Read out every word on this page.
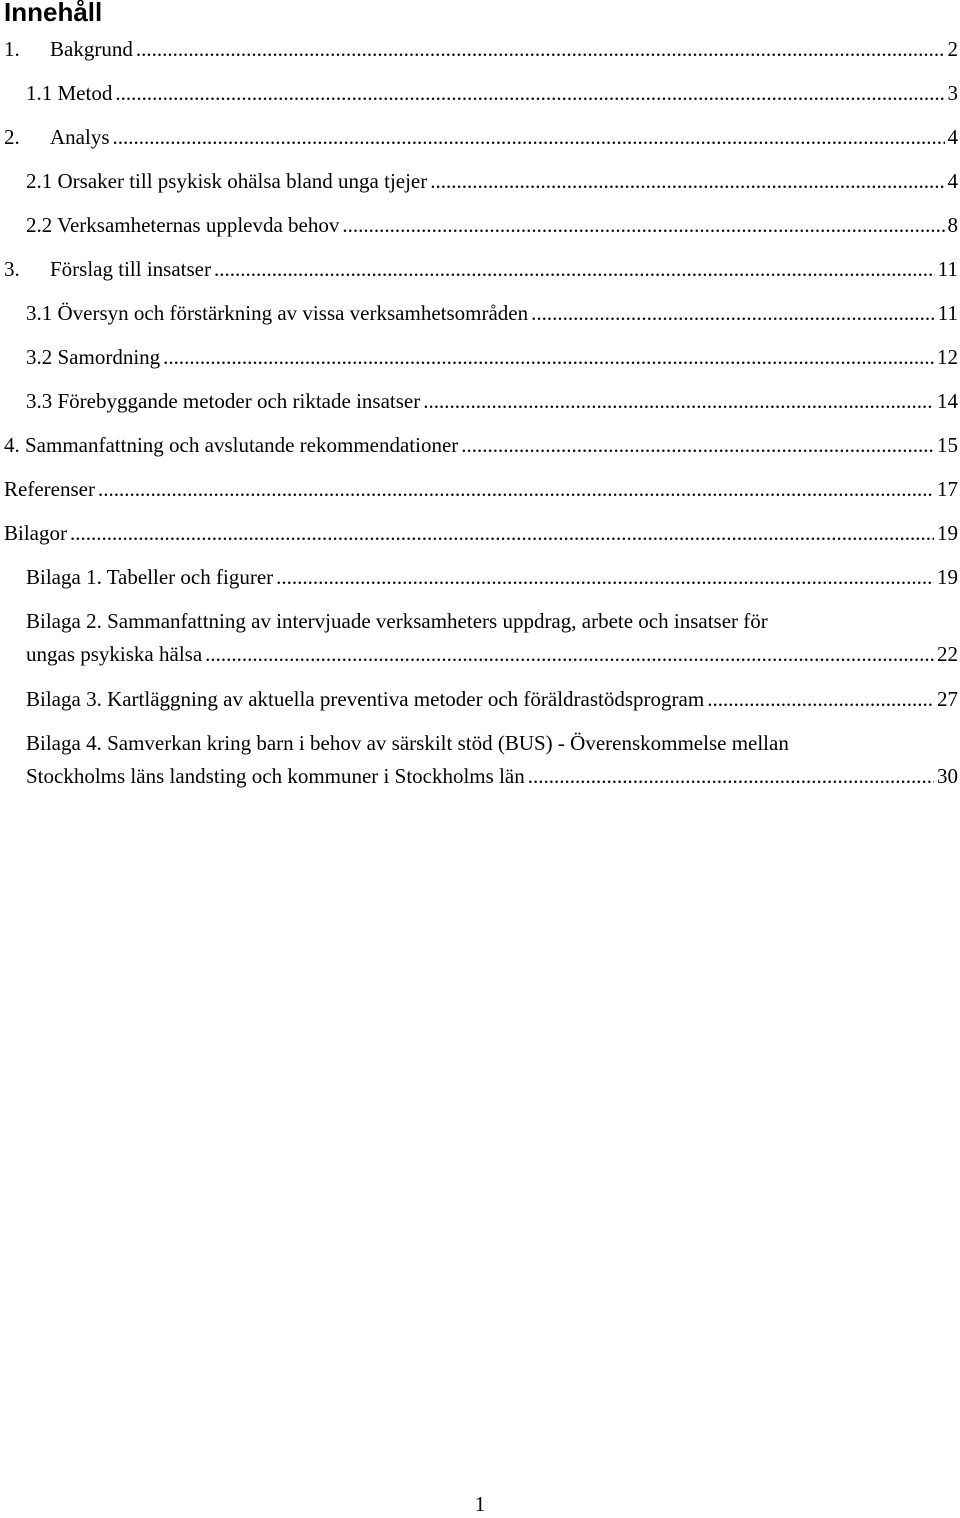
Innehåll
1.	Bakgrund .....	2
1.1 Metod .....	3
2.	Analys .....	4
2.1 Orsaker till psykisk ohälsa bland unga tjejer .....	4
2.2 Verksamheternas upplevda behov .....	8
3.	Förslag till insatser .....	11
3.1 Översyn och förstärkning av vissa verksamhetsområden .....	11
3.2 Samordning .....	12
3.3 Förebyggande metoder och riktade insatser .....	14
4. Sammanfattning och avslutande rekommendationer .....	15
Referenser .....	17
Bilagor .....	19
Bilaga 1. Tabeller och figurer .....	19
Bilaga 2. Sammanfattning av intervjuade verksamheters uppdrag, arbete och insatser för
ungas psykiska hälsa .....	22
Bilaga 3. Kartläggning av aktuella preventiva metoder och föräldrastödsprogram .....	27
Bilaga 4. Samverkan kring barn i behov av särskilt stöd (BUS) - Överenskommelse mellan
Stockholms läns landsting och kommuner i Stockholms län .....	30
1
